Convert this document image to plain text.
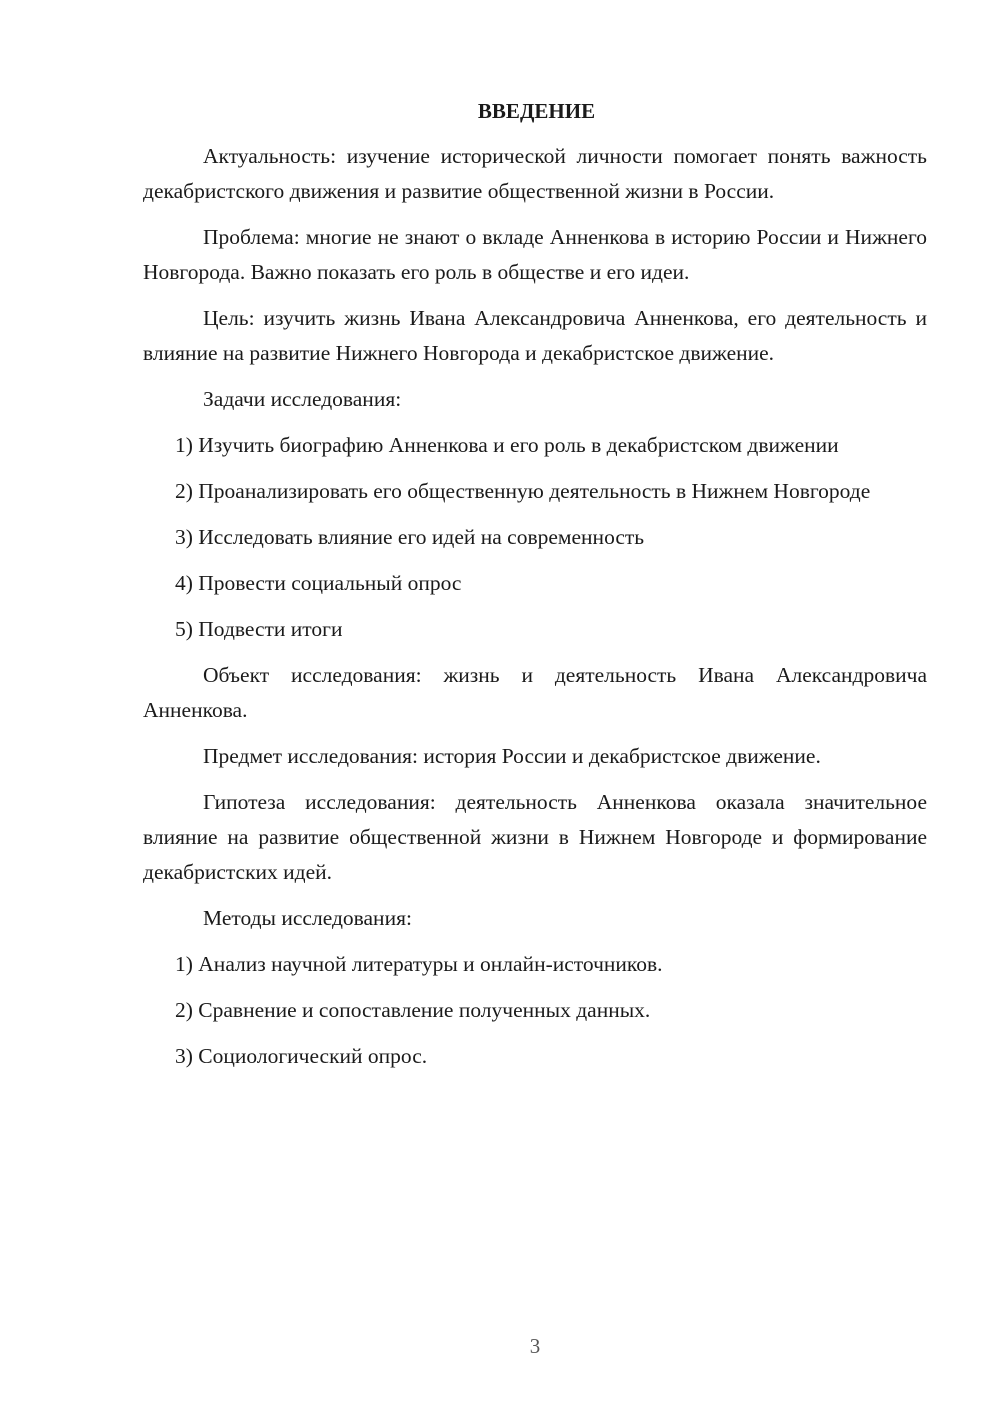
ВВЕДЕНИЕ

Актуальность: изучение исторической личности помогает понять важность декабристского движения и развитие общественной жизни в России.

Проблема: многие не знают о вкладе Анненкова в историю России и Нижнего Новгорода. Важно показать его роль в обществе и его идеи.

Цель: изучить жизнь Ивана Александровича Анненкова, его деятельность и влияние на развитие Нижнего Новгорода и декабристское движение.

Задачи исследования:

1) Изучить биографию Анненкова и его роль в декабристском движении

2) Проанализировать его общественную деятельность в Нижнем Новгороде

3) Исследовать влияние его идей на современность

4) Провести социальный опрос

5) Подвести итоги

Объект исследования: жизнь и деятельность Ивана Александровича Анненкова.

Предмет исследования: история России и декабристское движение.

Гипотеза исследования: деятельность Анненкова оказала значительное влияние на развитие общественной жизни в Нижнем Новгороде и формирование декабристских идей.

Методы исследования:

1) Анализ научной литературы и онлайн-источников.

2) Сравнение и сопоставление полученных данных.

3) Социологический опрос.

3
